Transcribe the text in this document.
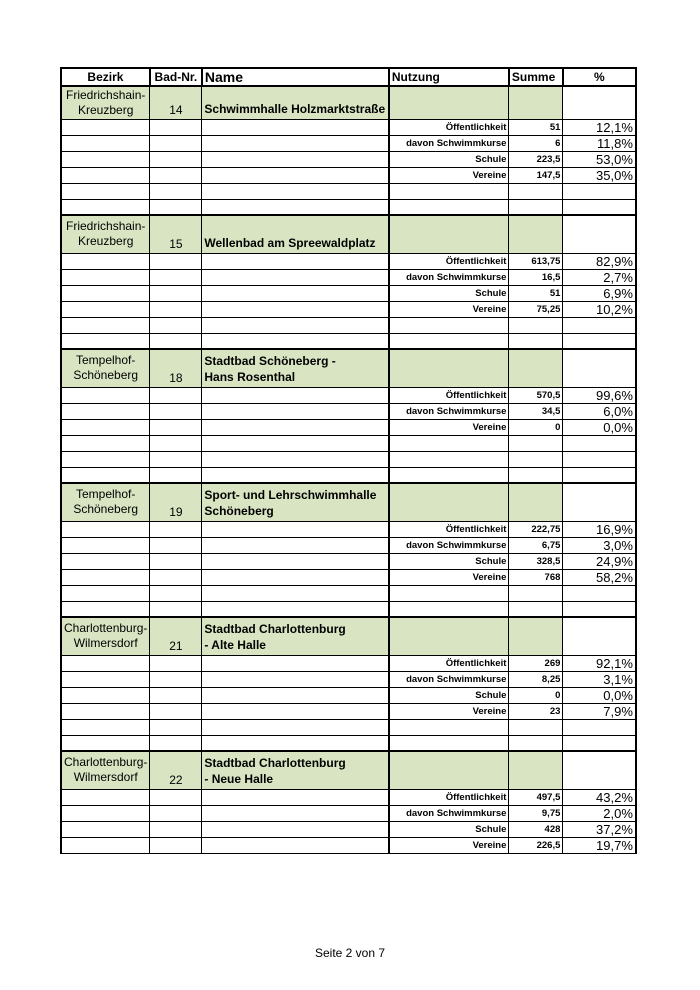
Bezirk	Bad-Nr.	Name	Nutzung	Summe	%
Friedrichshain-
Kreuzberg	14	Schwimmhalle Holzmarktstraße			
			Öffentlichkeit	51	12,1%
			davon Schwimmkurse	6	11,8%
			Schule	223,5	53,0%
			Vereine	147,5	35,0%

Friedrichshain-
Kreuzberg	15	Wellenbad am Spreewaldplatz			
			Öffentlichkeit	613,75	82,9%
			davon Schwimmkurse	16,5	2,7%
			Schule	51	6,9%
			Vereine	75,25	10,2%

Tempelhof-
Schöneberg	18	Stadtbad Schöneberg -
Hans Rosenthal			
			Öffentlichkeit	570,5	99,6%
			davon Schwimmkurse	34,5	6,0%
			Vereine	0	0,0%

Tempelhof-
Schöneberg	19	Sport- und Lehrschwimmhalle
Schöneberg			
			Öffentlichkeit	222,75	16,9%
			davon Schwimmkurse	6,75	3,0%
			Schule	328,5	24,9%
			Vereine	768	58,2%

Charlottenburg-
Wilmersdorf	21	Stadtbad Charlottenburg
- Alte Halle			
			Öffentlichkeit	269	92,1%
			davon Schwimmkurse	8,25	3,1%
			Schule	0	0,0%
			Vereine	23	7,9%

Charlottenburg-
Wilmersdorf	22	Stadtbad Charlottenburg
- Neue Halle			
			Öffentlichkeit	497,5	43,2%
			davon Schwimmkurse	9,75	2,0%
			Schule	428	37,2%
			Vereine	226,5	19,7%
Seite 2 von 7
